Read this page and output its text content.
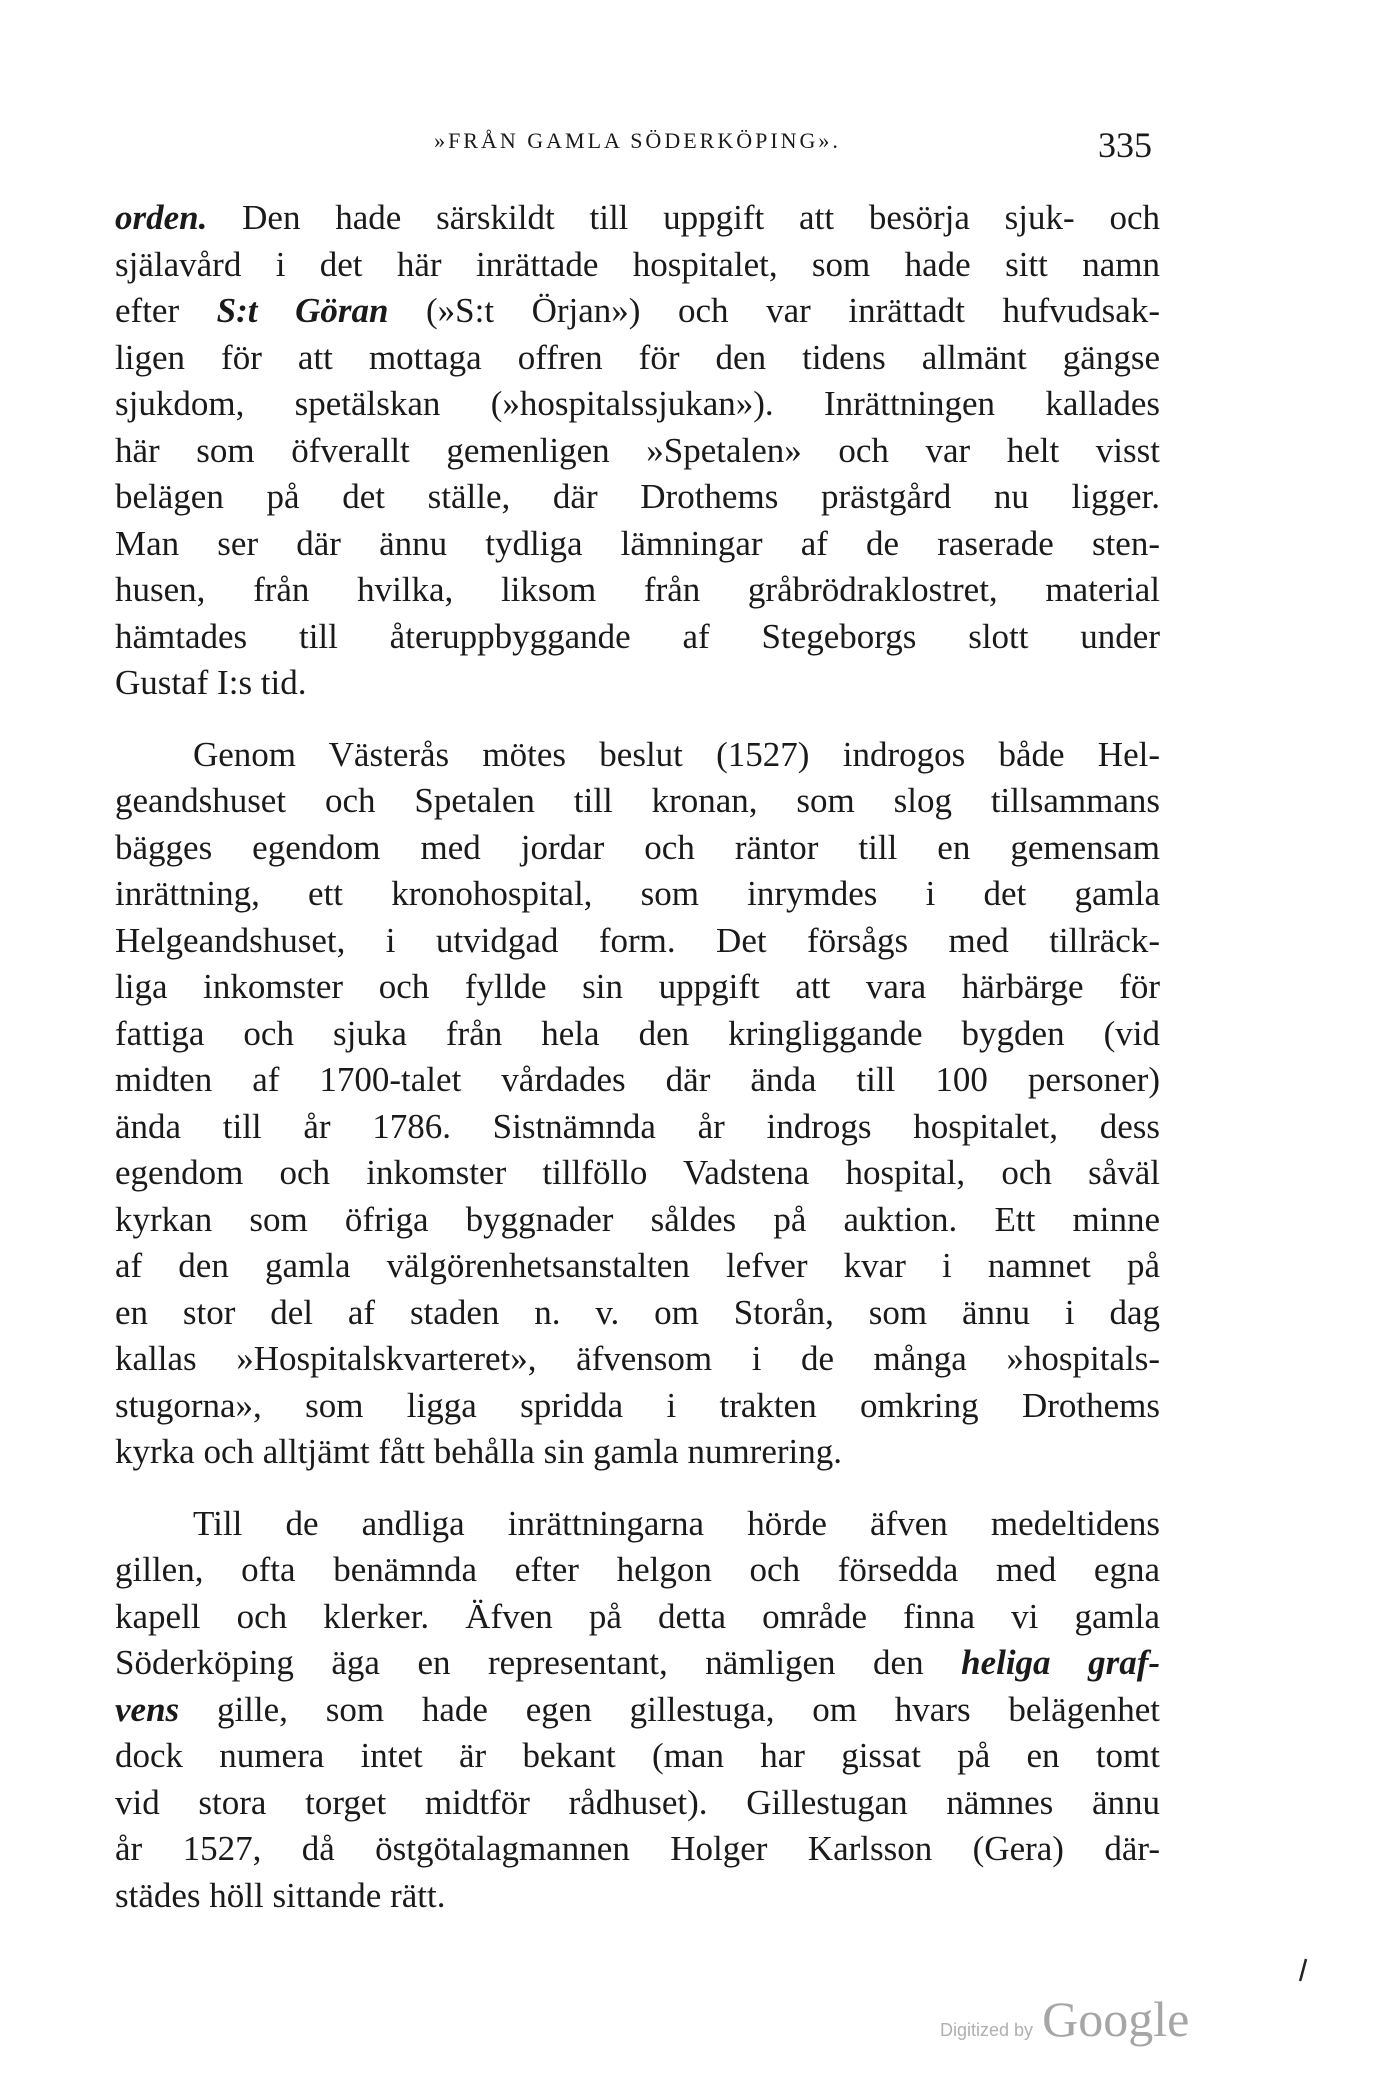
»FRÅN GAMLA SÖDERKÖPING».	335

orden. Den hade särskildt till uppgift att besörja sjuk- och
själavård i det här inrättade hospitalet, som hade sitt namn
efter S:t Göran (»S:t Örjan») och var inrättadt hufvudsak-
ligen för att mottaga offren för den tidens allmänt gängse
sjukdom, spetälskan (»hospitalssjukan»). Inrättningen kallades
här som öfverallt gemenligen »Spetalen» och var helt visst
belägen på det ställe, där Drothems prästgård nu ligger.
Man ser där ännu tydliga lämningar af de raserade sten-
husen, från hvilka, liksom från gråbrödraklostret, material
hämtades till återuppbyggande af Stegeborgs slott under
Gustaf I:s tid.

Genom Västerås mötes beslut (1527) indrogos både Hel-
geandshuset och Spetalen till kronan, som slog tillsammans
bägges egendom med jordar och räntor till en gemensam
inrättning, ett kronohospital, som inrymdes i det gamla
Helgeandshuset, i utvidgad form. Det försågs med tillräck-
liga inkomster och fyllde sin uppgift att vara härbärge för
fattiga och sjuka från hela den kringliggande bygden (vid
midten af 1700-talet vårdades där ända till 100 personer)
ända till år 1786. Sistnämnda år indrogs hospitalet, dess
egendom och inkomster tillföllo Vadstena hospital, och såväl
kyrkan som öfriga byggnader såldes på auktion. Ett minne
af den gamla välgörenhetsanstalten lefver kvar i namnet på
en stor del af staden n. v. om Storån, som ännu i dag
kallas »Hospitalskvarteret», äfvensom i de många »hospitals-
stugorna», som ligga spridda i trakten omkring Drothems
kyrka och alltjämt fått behålla sin gamla numrering.

Till de andliga inrättningarna hörde äfven medeltidens
gillen, ofta benämnda efter helgon och försedda med egna
kapell och klerker. Äfven på detta område finna vi gamla
Söderköping äga en representant, nämligen den heliga graf-
vens gille, som hade egen gillestuga, om hvars belägenhet
dock numera intet är bekant (man har gissat på en tomt
vid stora torget midtför rådhuset). Gillestugan nämnes ännu
år 1527, då östgötalagmannen Holger Karlsson (Gera) där-
städes höll sittande rätt.

Digitized by Google
